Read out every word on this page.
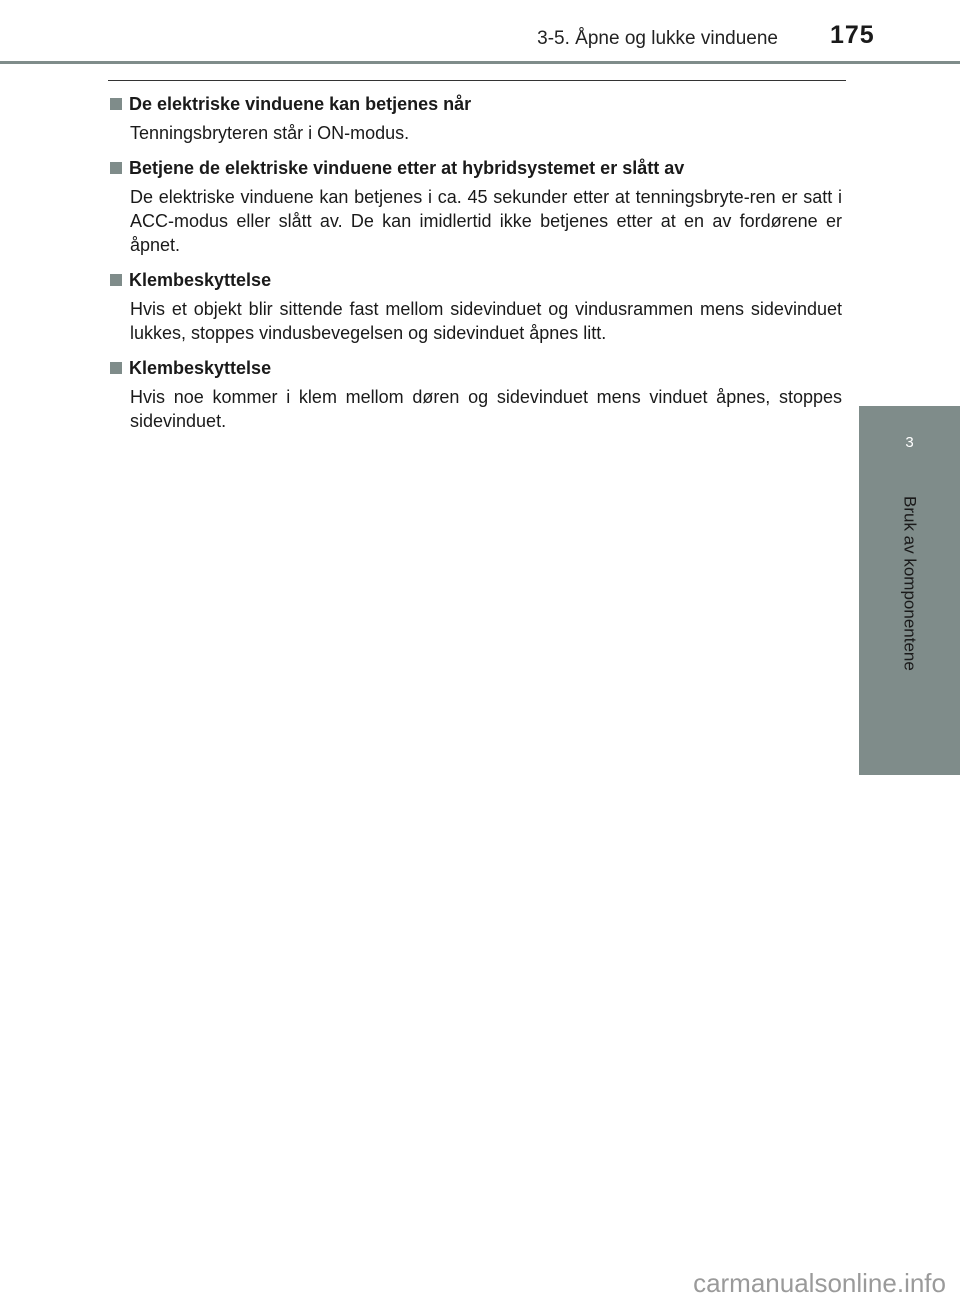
3-5. Åpne og lukke vinduene 175
3
Bruk av komponentene
De elektriske vinduene kan betjenes når
Tenningsbryteren står i ON-modus.
Betjene de elektriske vinduene etter at hybridsystemet er slått av
De elektriske vinduene kan betjenes i ca. 45 sekunder etter at tenningsbryte-ren er satt i ACC-modus eller slått av. De kan imidlertid ikke betjenes etter at en av fordørene er åpnet.
Klembeskyttelse
Hvis et objekt blir sittende fast mellom sidevinduet og vindusrammen mens sidevinduet lukkes, stoppes vindusbevegelsen og sidevinduet åpnes litt.
Klembeskyttelse
Hvis noe kommer i klem mellom døren og sidevinduet mens vinduet åpnes, stoppes sidevinduet.
carmanualsonline.info
